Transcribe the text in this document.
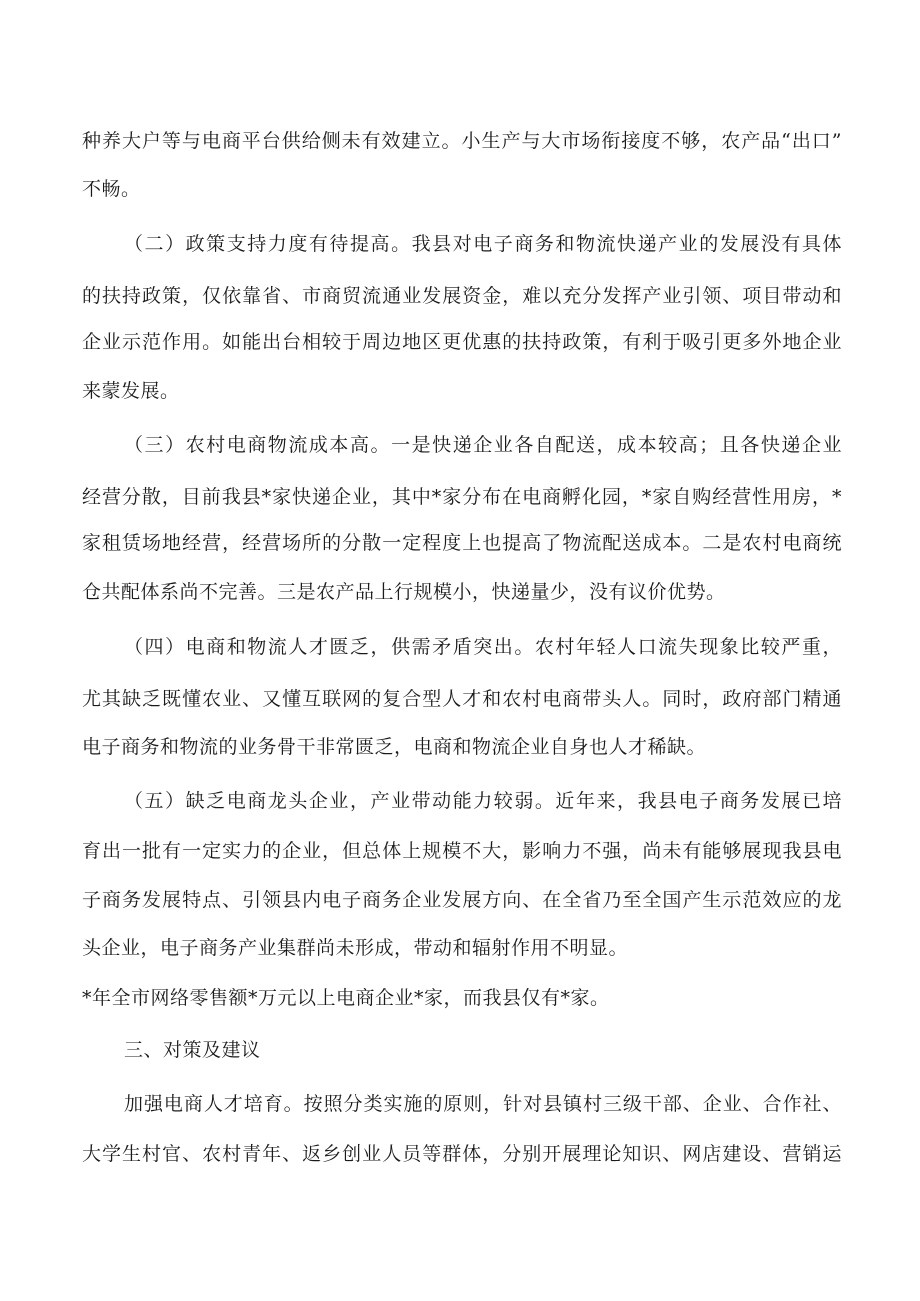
种养大户等与电商平台供给侧未有效建立。小生产与大市场衔接度不够，农产品“出口”
不畅。
（二）政策支持力度有待提高。我县对电子商务和物流快递产业的发展没有具体
的扶持政策，仅依靠省、市商贸流通业发展资金，难以充分发挥产业引领、项目带动和
企业示范作用。如能出台相较于周边地区更优惠的扶持政策，有利于吸引更多外地企业
来蒙发展。
（三）农村电商物流成本高。一是快递企业各自配送，成本较高；且各快递企业
经营分散，目前我县*家快递企业，其中*家分布在电商孵化园，*家自购经营性用房，*
家租赁场地经营，经营场所的分散一定程度上也提高了物流配送成本。二是农村电商统
仓共配体系尚不完善。三是农产品上行规模小，快递量少，没有议价优势。
（四）电商和物流人才匮乏，供需矛盾突出。农村年轻人口流失现象比较严重，
尤其缺乏既懂农业、又懂互联网的复合型人才和农村电商带头人。同时，政府部门精通
电子商务和物流的业务骨干非常匮乏，电商和物流企业自身也人才稀缺。
（五）缺乏电商龙头企业，产业带动能力较弱。近年来，我县电子商务发展已培
育出一批有一定实力的企业，但总体上规模不大，影响力不强，尚未有能够展现我县电
子商务发展特点、引领县内电子商务企业发展方向、在全省乃至全国产生示范效应的龙
头企业，电子商务产业集群尚未形成，带动和辐射作用不明显。
*年全市网络零售额*万元以上电商企业*家，而我县仅有*家。
三、对策及建议
加强电商人才培育。按照分类实施的原则，针对县镇村三级干部、企业、合作社、
大学生村官、农村青年、返乡创业人员等群体，分别开展理论知识、网店建设、营销运
